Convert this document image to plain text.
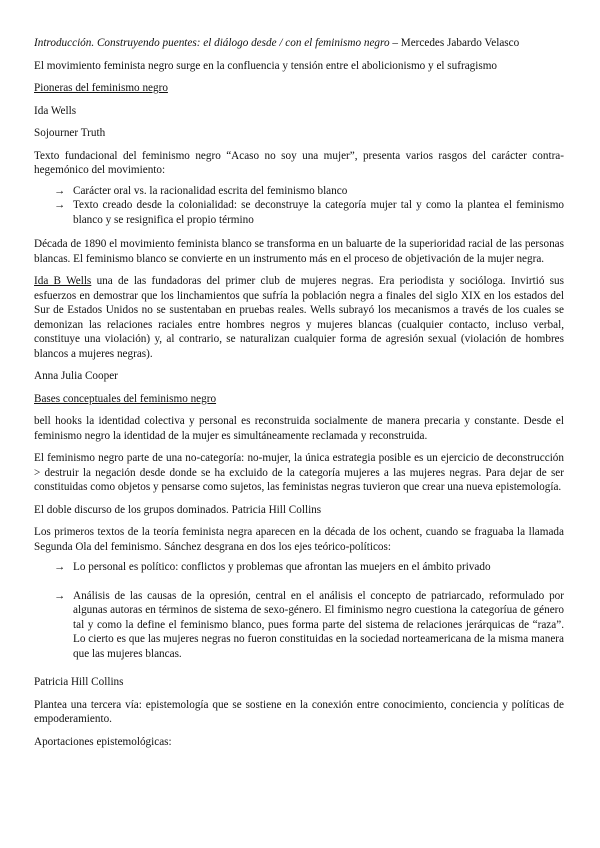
Introducción. Construyendo puentes: el diálogo desde / con el feminismo negro – Mercedes Jabardo Velasco

El movimiento feminista negro surge en la confluencia y tensión entre el abolicionismo y el sufragismo

Pioneras del feminismo negro

Ida Wells

Sojourner Truth

Texto fundacional del feminismo negro “Acaso no soy una mujer”, presenta varios rasgos del carácter contra-hegemónico del movimiento:

→ Carácter oral vs. la racionalidad escrita del feminismo blanco
→ Texto creado desde la colonialidad: se deconstruye la categoría mujer tal y como la plantea el feminismo blanco y se resignifica el propio término

Década de 1890 el movimiento feminista blanco se transforma en un baluarte de la superioridad racial de las personas blancas. El feminismo blanco se convierte en un instrumento más en el proceso de objetivación de la mujer negra.

Ida B Wells una de las fundadoras del primer club de mujeres negras. Era periodista y socióloga. Invirtió sus esfuerzos en demostrar que los linchamientos que sufría la población negra a finales del siglo XIX en los estados del Sur de Estados Unidos no se sustentaban en pruebas reales. Wells subrayó los mecanismos a través de los cuales se demonizan las relaciones raciales entre hombres negros y mujeres blancas (cualquier contacto, incluso verbal, constituye una violación) y, al contrario, se naturalizan cualquier forma de agresión sexual (violación de hombres blancos a mujeres negras).

Anna Julia Cooper

Bases conceptuales del feminismo negro

bell hooks la identidad colectiva y personal es reconstruida socialmente de manera precaria y constante. Desde el feminismo negro la identidad de la mujer es simultáneamente reclamada y reconstruida.

El feminismo negro parte de una no-categoría: no-mujer, la única estrategia posible es un ejercicio de deconstrucción > destruir la negación desde donde se ha excluido de la categoría mujeres a las mujeres negras. Para dejar de ser constituidas como objetos y pensarse como sujetos, las feministas negras tuvieron que crear una nueva epistemología.

El doble discurso de los grupos dominados. Patricia Hill Collins

Los primeros textos de la teoría feminista negra aparecen en la década de los ochent, cuando se fraguaba la llamada Segunda Ola del feminismo. Sánchez desgrana en dos los ejes teórico-políticos:

→ Lo personal es político: conflictos y problemas que afrontan las muejers en el ámbito privado
→ Análisis de las causas de la opresión, central en el análisis el concepto de patriarcado, reformulado por algunas autoras en términos de sistema de sexo-género. El fiminismo negro cuestiona la categoríua de género tal y como la define el feminismo blanco, pues forma parte del sistema de relaciones jerárquicas de “raza”. Lo cierto es que las mujeres negras no fueron constituidas en la sociedad norteamericana de la misma manera que las mujeres blancas.

Patricia Hill Collins

Plantea una tercera vía: epistemología que se sostiene en la conexión entre conocimiento, conciencia y políticas de empoderamiento.

Aportaciones epistemológicas:
